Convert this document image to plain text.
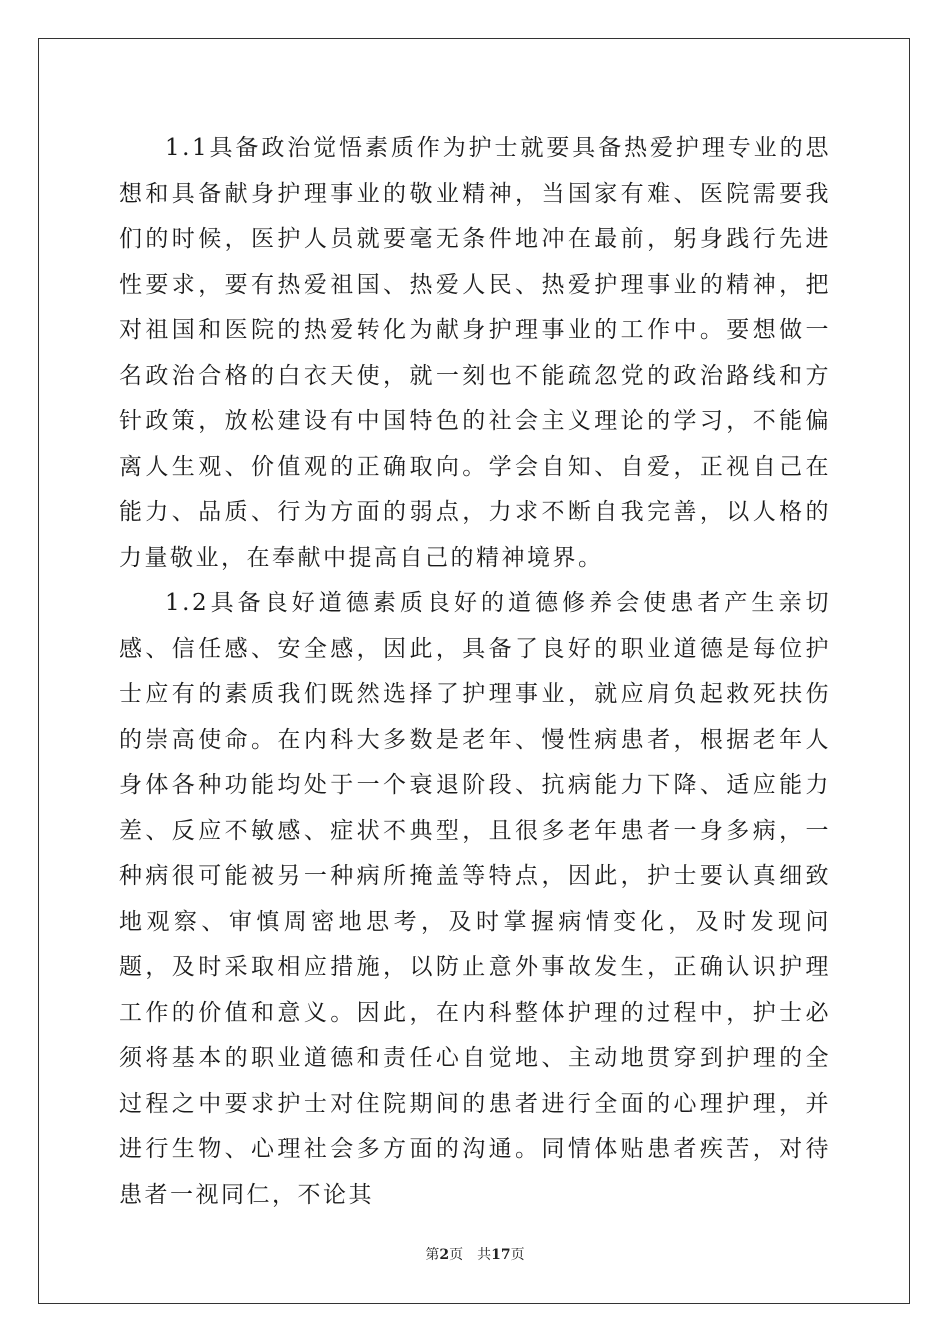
1.1具备政治觉悟素质作为护士就要具备热爱护理专业的思想和具备献身护理事业的敬业精神，当国家有难、医院需要我们的时候，医护人员就要毫无条件地冲在最前，躬身践行先进性要求，要有热爱祖国、热爱人民、热爱护理事业的精神，把对祖国和医院的热爱转化为献身护理事业的工作中。要想做一名政治合格的白衣天使，就一刻也不能疏忽党的政治路线和方针政策，放松建设有中国特色的社会主义理论的学习，不能偏离人生观、价值观的正确取向。学会自知、自爱，正视自己在能力、品质、行为方面的弱点，力求不断自我完善，以人格的力量敬业，在奉献中提高自己的精神境界。

1.2具备良好道德素质良好的道德修养会使患者产生亲切感、信任感、安全感，因此，具备了良好的职业道德是每位护士应有的素质我们既然选择了护理事业，就应肩负起救死扶伤的崇高使命。在内科大多数是老年、慢性病患者，根据老年人身体各种功能均处于一个衰退阶段、抗病能力下降、适应能力差、反应不敏感、症状不典型，且很多老年患者一身多病，一种病很可能被另一种病所掩盖等特点，因此，护士要认真细致地观察、审慎周密地思考，及时掌握病情变化，及时发现问题，及时采取相应措施，以防止意外事故发生，正确认识护理工作的价值和意义。因此，在内科整体护理的过程中，护士必须将基本的职业道德和责任心自觉地、主动地贯穿到护理的全过程之中要求护士对住院期间的患者进行全面的心理护理，并进行生物、心理社会多方面的沟通。同情体贴患者疾苦，对待患者一视同仁，不论其

第2页 共17页
